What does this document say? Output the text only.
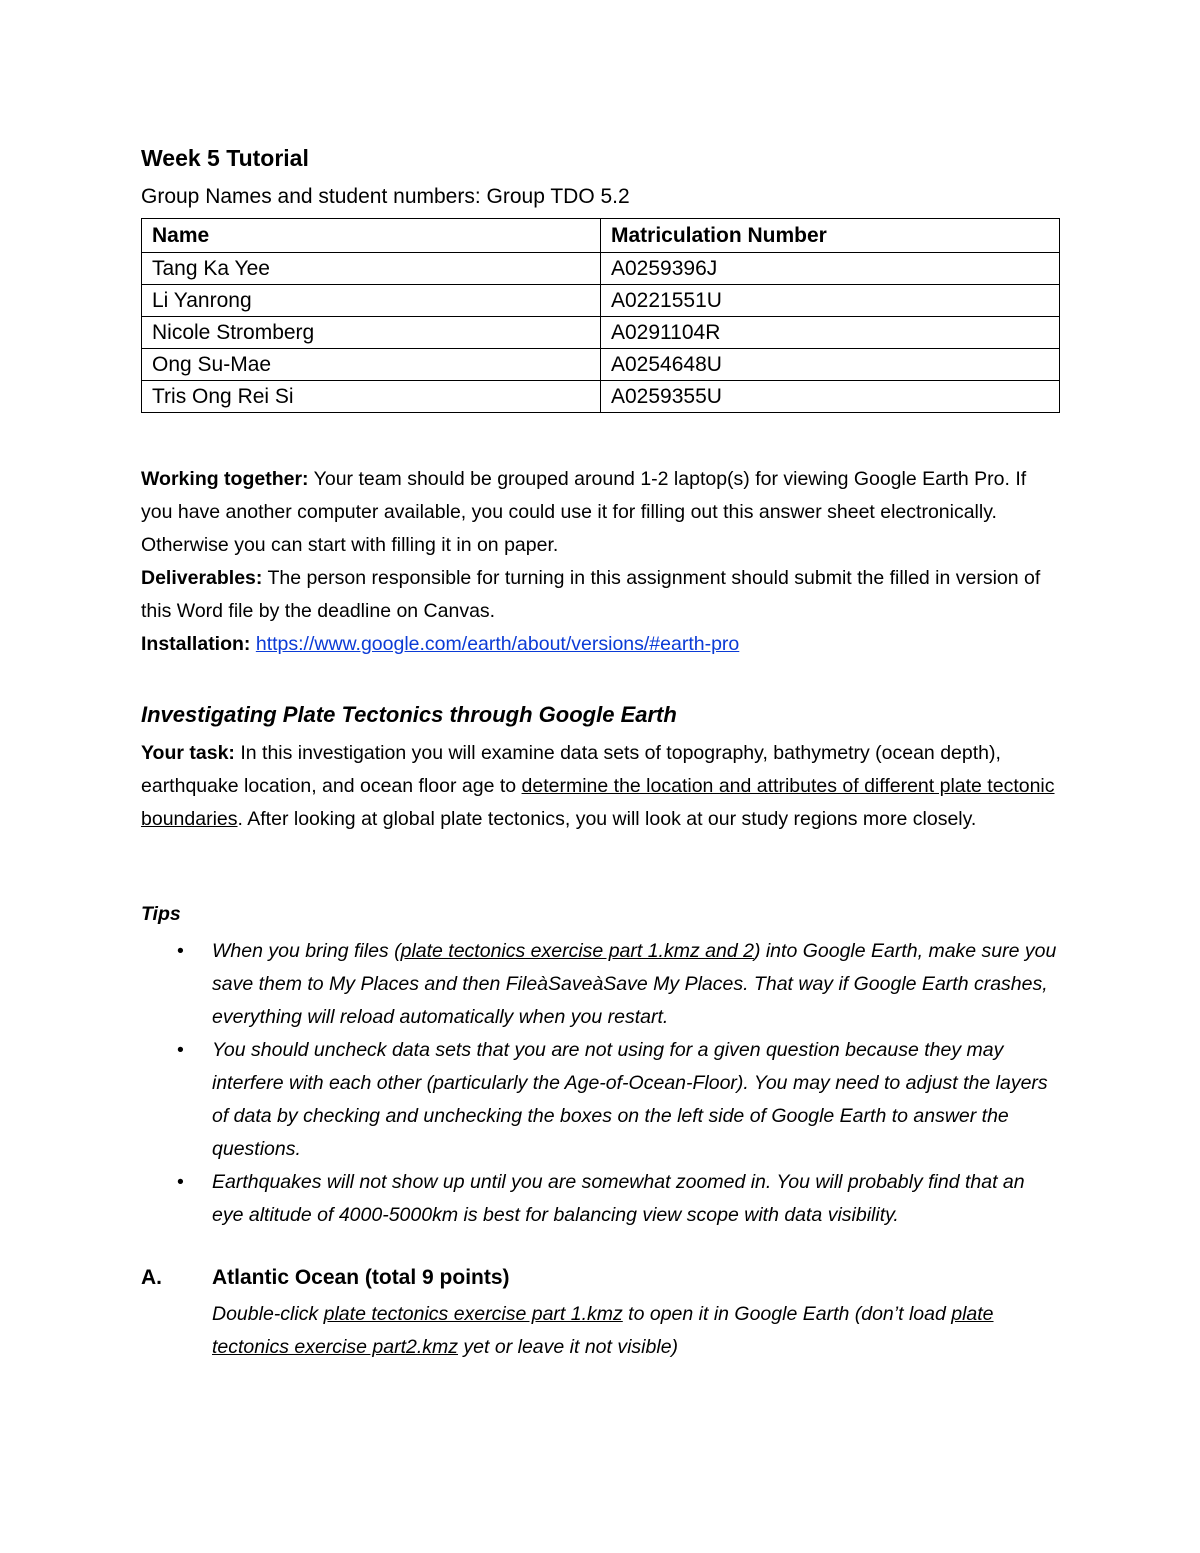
Week 5 Tutorial
Group Names and student numbers: Group TDO 5.2
Name	Matriculation Number
Tang Ka Yee	A0259396J
Li Yanrong	A0221551U
Nicole Stromberg	A0291104R
Ong Su-Mae	A0254648U
Tris Ong Rei Si	A0259355U
Working together: Your team should be grouped around 1-2 laptop(s) for viewing Google Earth Pro. If you have another computer available, you could use it for filling out this answer sheet electronically. Otherwise you can start with filling it in on paper.
Deliverables: The person responsible for turning in this assignment should submit the filled in version of this Word file by the deadline on Canvas.
Installation: https://www.google.com/earth/about/versions/#earth-pro
Investigating Plate Tectonics through Google Earth
Your task: In this investigation you will examine data sets of topography, bathymetry (ocean depth), earthquake location, and ocean floor age to determine the location and attributes of different plate tectonic boundaries. After looking at global plate tectonics, you will look at our study regions more closely.
Tips
• When you bring files (plate tectonics exercise part 1.kmz and 2) into Google Earth, make sure you save them to My Places and then FileàSaveàSave My Places. That way if Google Earth crashes, everything will reload automatically when you restart.
• You should uncheck data sets that you are not using for a given question because they may interfere with each other (particularly the Age-of-Ocean-Floor). You may need to adjust the layers of data by checking and unchecking the boxes on the left side of Google Earth to answer the questions.
• Earthquakes will not show up until you are somewhat zoomed in. You will probably find that an eye altitude of 4000-5000km is best for balancing view scope with data visibility.
A. Atlantic Ocean (total 9 points)
Double-click plate tectonics exercise part 1.kmz to open it in Google Earth (don’t load plate tectonics exercise part2.kmz yet or leave it not visible)
